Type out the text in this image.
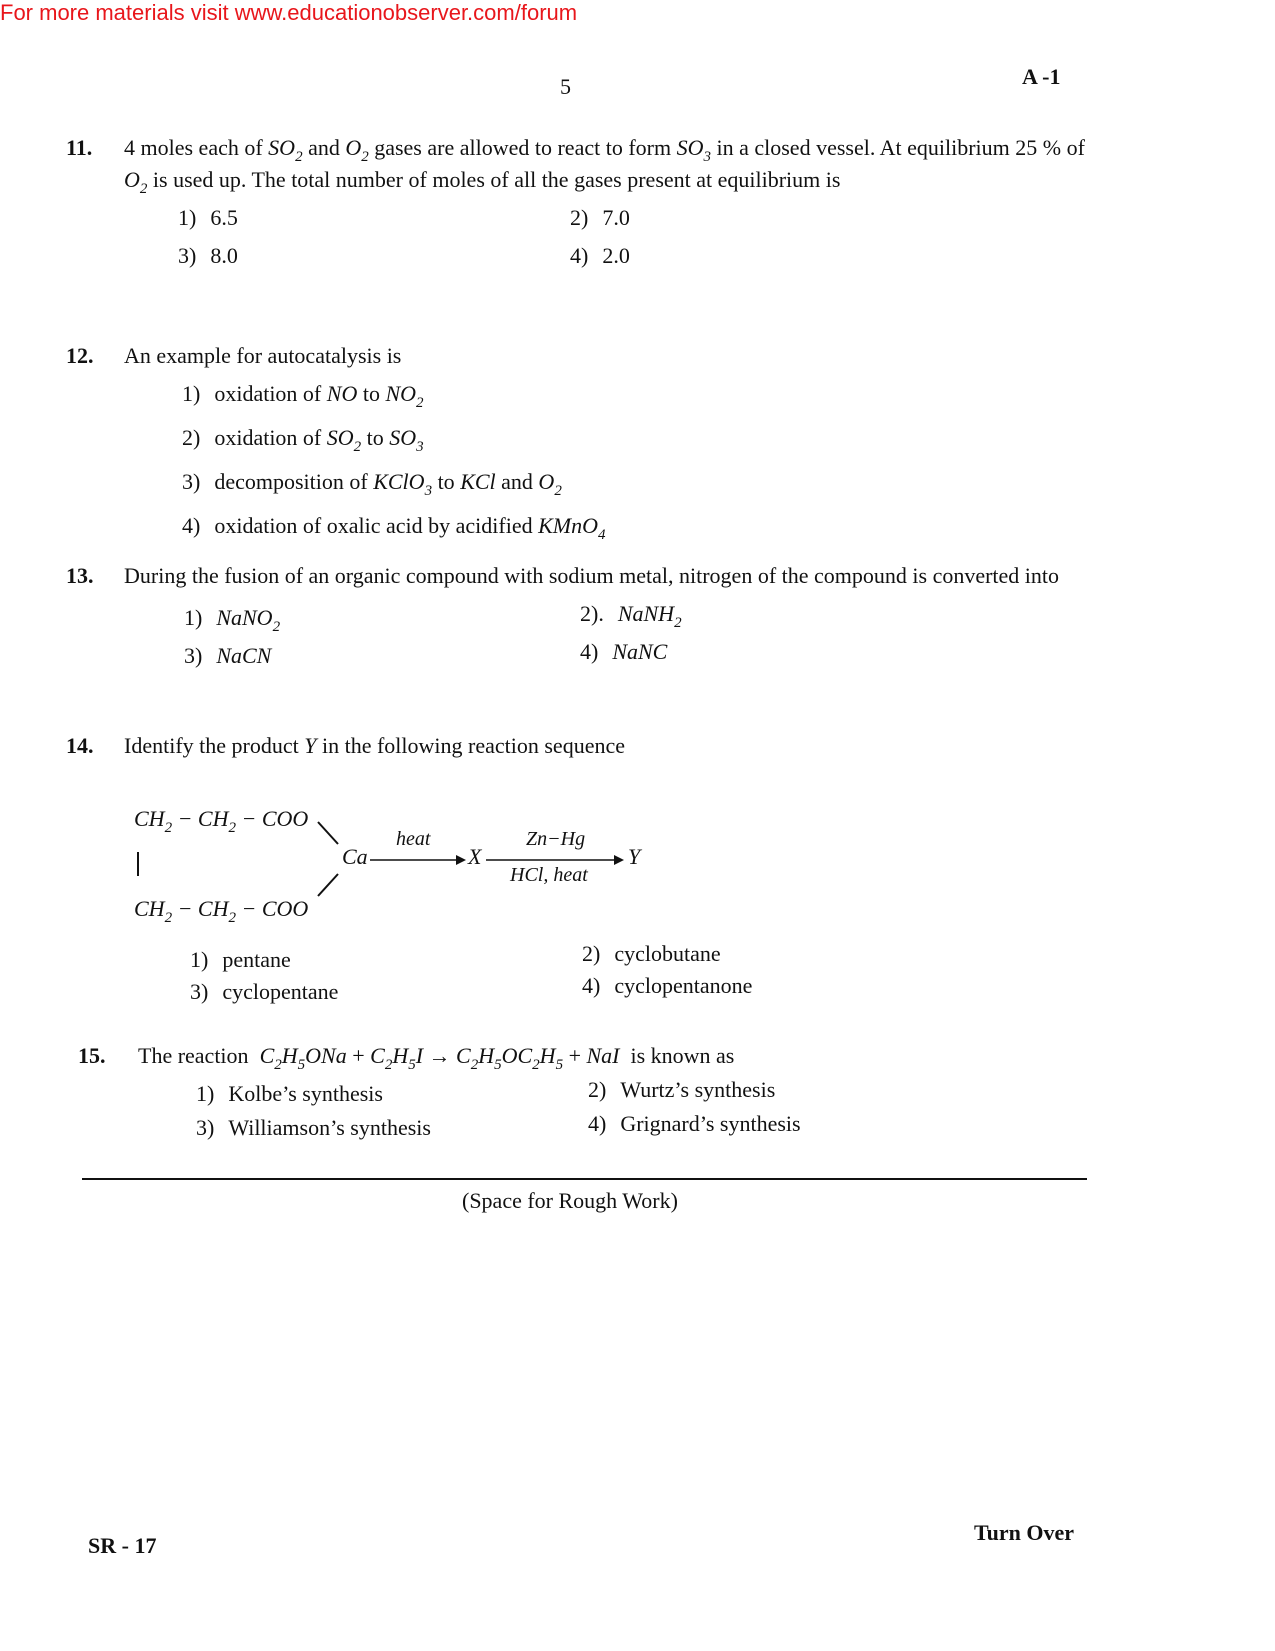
For more materials visit www.educationobserver.com/forum
5	A -1
11. 4 moles each of $SO_2$ and $O_2$ gases are allowed to react to form $SO_3$ in a closed vessel. At equilibrium 25 % of $O_2$ is used up. The total number of moles of all the gases present at equilibrium is
1) 6.5	2) 7.0
3) 8.0	4) 2.0
12. An example for autocatalysis is
1) oxidation of NO to $NO_2$
2) oxidation of $SO_2$ to $SO_3$
3) decomposition of KClO$_3$ to KCl and $O_2$
4) oxidation of oxalic acid by acidified KMnO$_4$
13. During the fusion of an organic compound with sodium metal, nitrogen of the compound is converted into
1) NaNO$_2$
2). NaNH$_2$
3) NaCN	4) NaNC
14. Identify the product Y in the following reaction sequence
$CH_2 - CH_2$ − COO
$CH_2 - CH_2$ − COO
Ca
heat
X
Zn−Hg
HCl, heat
Y
1) pentane	2) cyclobutane
3) cyclopentane	4) cyclopentanone
15. The reaction  $C_2H_5ONa + C_2H_5I \to C_2H_5OC_2H_5$ + NaI  is known as
1) Kolbe’s synthesis	2) Wurtz’s synthesis
3) Williamson’s synthesis	4) Grignard’s synthesis
(Space for Rough Work)
SR - 17
Turn Over
